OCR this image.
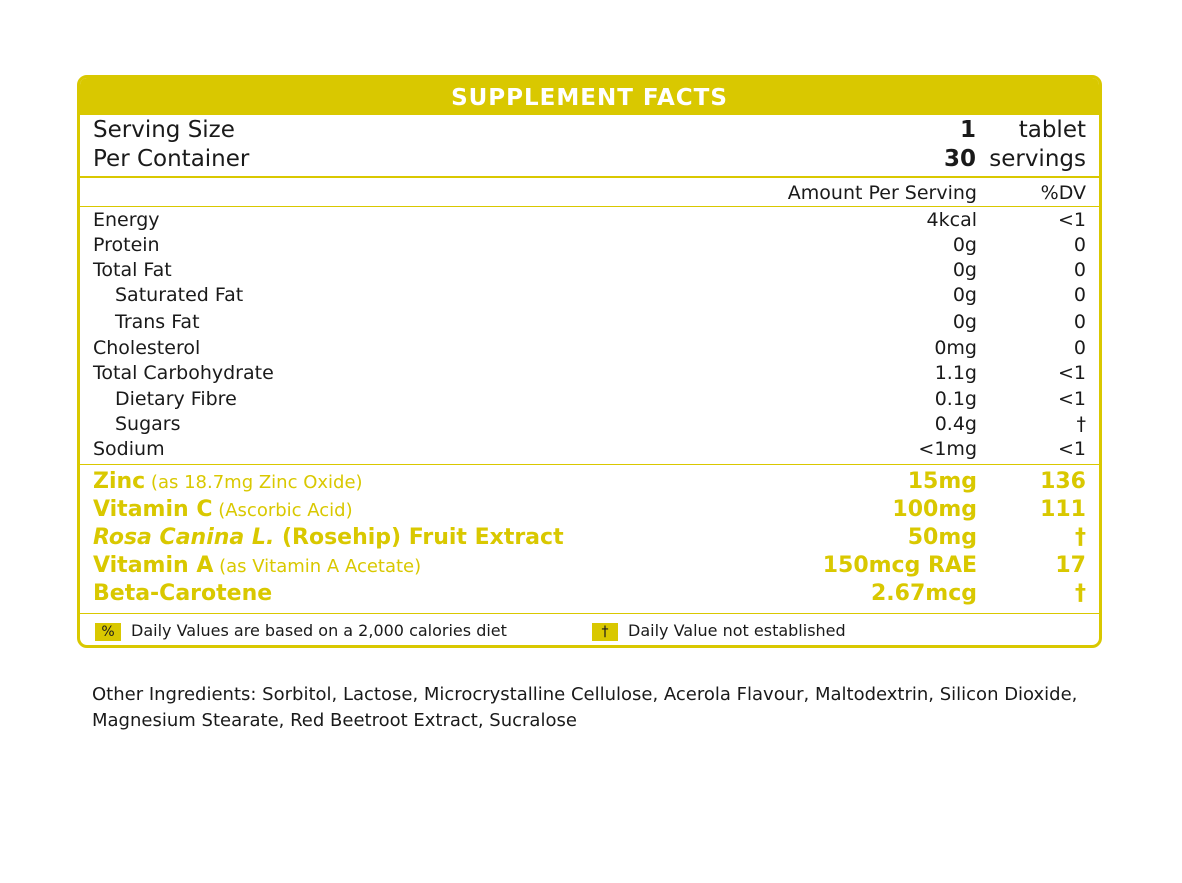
SUPPLEMENT FACTS
Serving Size	1 tablet
Per Container	30 servings
Amount Per Serving	%DV
Energy	4kcal	<1
Protein	0g	0
Total Fat	0g	0
Saturated Fat	0g	0
Trans Fat	0g	0
Cholesterol	0mg	0
Total Carbohydrate	1.1g	<1
Dietary Fibre	0.1g	<1
Sugars	0.4g	†
Sodium	<1mg	<1
Zinc (as 18.7mg Zinc Oxide)	15mg	136
Vitamin C (Ascorbic Acid)	100mg	111
Rosa Canina L. (Rosehip) Fruit Extract	50mg	†
Vitamin A (as Vitamin A Acetate)	150mcg RAE	17
Beta-Carotene	2.67mcg	†
% Daily Values are based on a 2,000 calories diet	† Daily Value not established
Other Ingredients: Sorbitol, Lactose, Microcrystalline Cellulose, Acerola Flavour, Maltodextrin, Silicon Dioxide, Magnesium Stearate, Red Beetroot Extract, Sucralose
